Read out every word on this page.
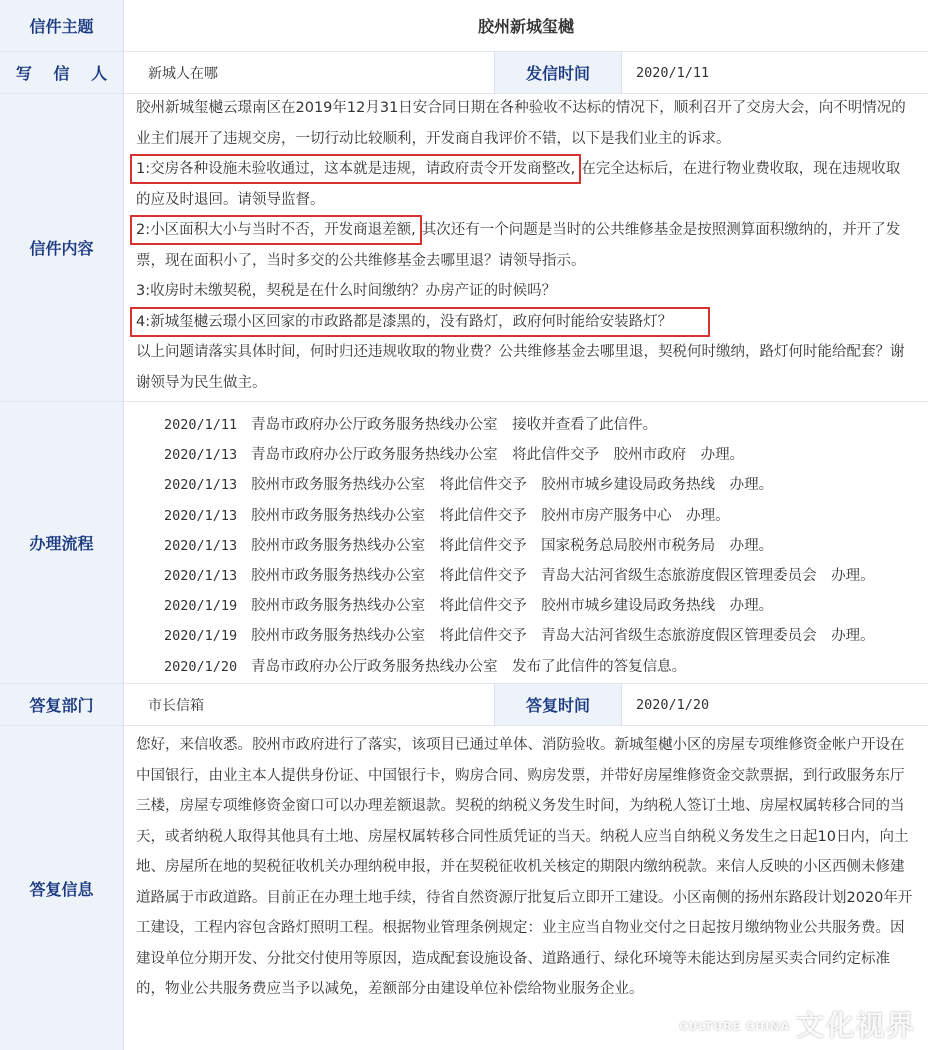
信件主题	胶州新城玺樾
写 信 人	新城人在哪	发信时间	2020/1/11
信件内容
胶州新城玺樾云璟南区在2019年12月31日安合同日期在各种验收不达标的情况下，顺利召开了交房大会，向不明情况的业主们展开了违规交房，一切行动比较顺利，开发商自我评价不错，以下是我们业主的诉求。
1:交房各种设施未验收通过，这本就是违规，请政府责令开发商整改, 在完全达标后，在进行物业费收取，现在违规收取的应及时退回。请领导监督。
2:小区面积大小与当时不否，开发商退差额, 其次还有一个问题是当时的公共维修基金是按照测算面积缴纳的，并开了发票，现在面积小了，当时多交的公共维修基金去哪里退？请领导指示。
3:收房时未缴契税，契税是在什么时间缴纳？办房产证的时候吗？
4:新城玺樾云璟小区回家的市政路都是漆黑的，没有路灯，政府何时能给安装路灯？
以上问题请落实具体时间，何时归还违规收取的物业费？公共维修基金去哪里退，契税何时缴纳，路灯何时能给配套？谢谢领导为民生做主。
办理流程
2020/1/11 青岛市政府办公厅政务服务热线办公室　接收并查看了此信件。
2020/1/13 青岛市政府办公厅政务服务热线办公室　将此信件交予　胶州市政府　办理。
2020/1/13 胶州市政务服务热线办公室　将此信件交予　胶州市城乡建设局政务热线　办理。
2020/1/13 胶州市政务服务热线办公室　将此信件交予　胶州市房产服务中心　办理。
2020/1/13 胶州市政务服务热线办公室　将此信件交予　国家税务总局胶州市税务局　办理。
2020/1/13 胶州市政务服务热线办公室　将此信件交予　青岛大沽河省级生态旅游度假区管理委员会　办理。
2020/1/19 胶州市政务服务热线办公室　将此信件交予　胶州市城乡建设局政务热线　办理。
2020/1/19 胶州市政务服务热线办公室　将此信件交予　青岛大沽河省级生态旅游度假区管理委员会　办理。
2020/1/20 青岛市政府办公厅政务服务热线办公室　发布了此信件的答复信息。
答复部门	市长信箱	答复时间	2020/1/20
答复信息
您好，来信收悉。胶州市政府进行了落实，该项目已通过单体、消防验收。新城玺樾小区的房屋专项维修资金帐户开设在中国银行，由业主本人提供身份证、中国银行卡，购房合同、购房发票，并带好房屋维修资金交款票据，到行政服务东厅三楼，房屋专项维修资金窗口可以办理差额退款。契税的纳税义务发生时间，为纳税人签订土地、房屋权属转移合同的当天，或者纳税人取得其他具有土地、房屋权属转移合同性质凭证的当天。纳税人应当自纳税义务发生之日起10日内，向土地、房屋所在地的契税征收机关办理纳税申报，并在契税征收机关核定的期限内缴纳税款。来信人反映的小区西侧未修建道路属于市政道路。目前正在办理土地手续，待省自然资源厅批复后立即开工建设。小区南侧的扬州东路段计划2020年开工建设，工程内容包含路灯照明工程。根据物业管理条例规定：业主应当自物业交付之日起按月缴纳物业公共服务费。因建设单位分期开发、分批交付使用等原因，造成配套设施设备、道路通行、绿化环境等未能达到房屋买卖合同约定标准的，物业公共服务费应当予以减免，差额部分由建设单位补偿给物业服务企业。
CULTURE CHINA 文化视界
